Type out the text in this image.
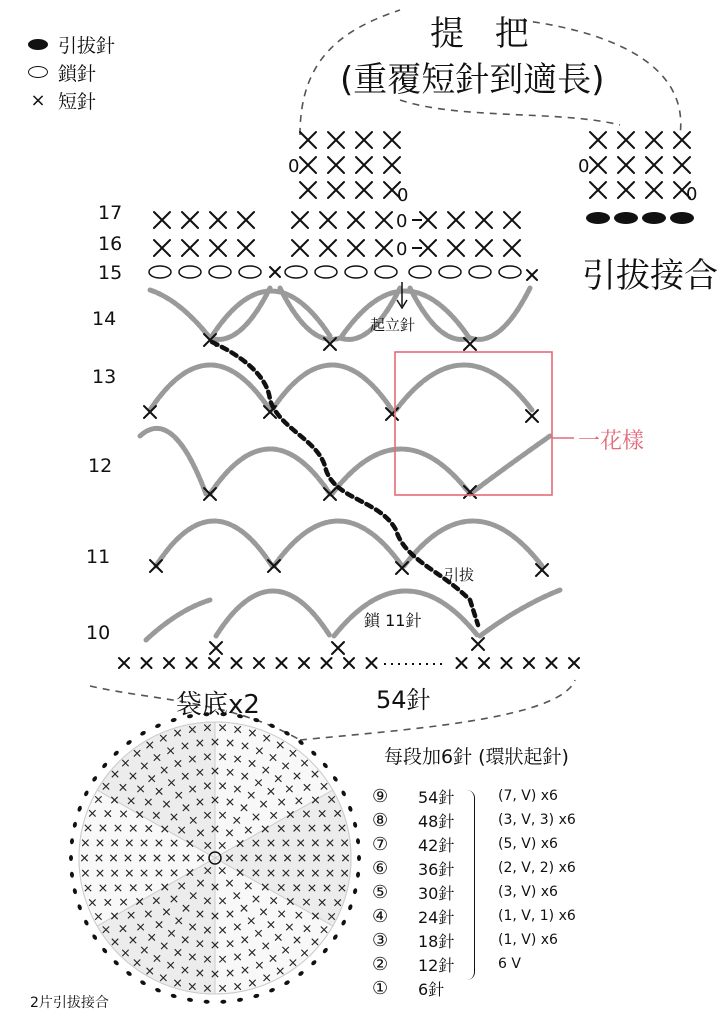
引拔針
鎖針
× 短針
提 把
(重覆短針到適長)
引拔接合
17
16
15
14
13
12
11
10
0
0
0
0
0
0
起立針
一花樣
引拔
鎖 11針
54針
袋底x2
每段加6針 (環狀起針)
2片引拔接合
⑨	54針	(7, V) x6
⑧	48針	(3, V, 3) x6
⑦	42針	(5, V) x6
⑥	36針	(2, V, 2) x6
⑤	30針	(3, V) x6
④	24針	(1, V, 1) x6
③	18針	(1, V) x6
②	12針	6 V
①	6針
